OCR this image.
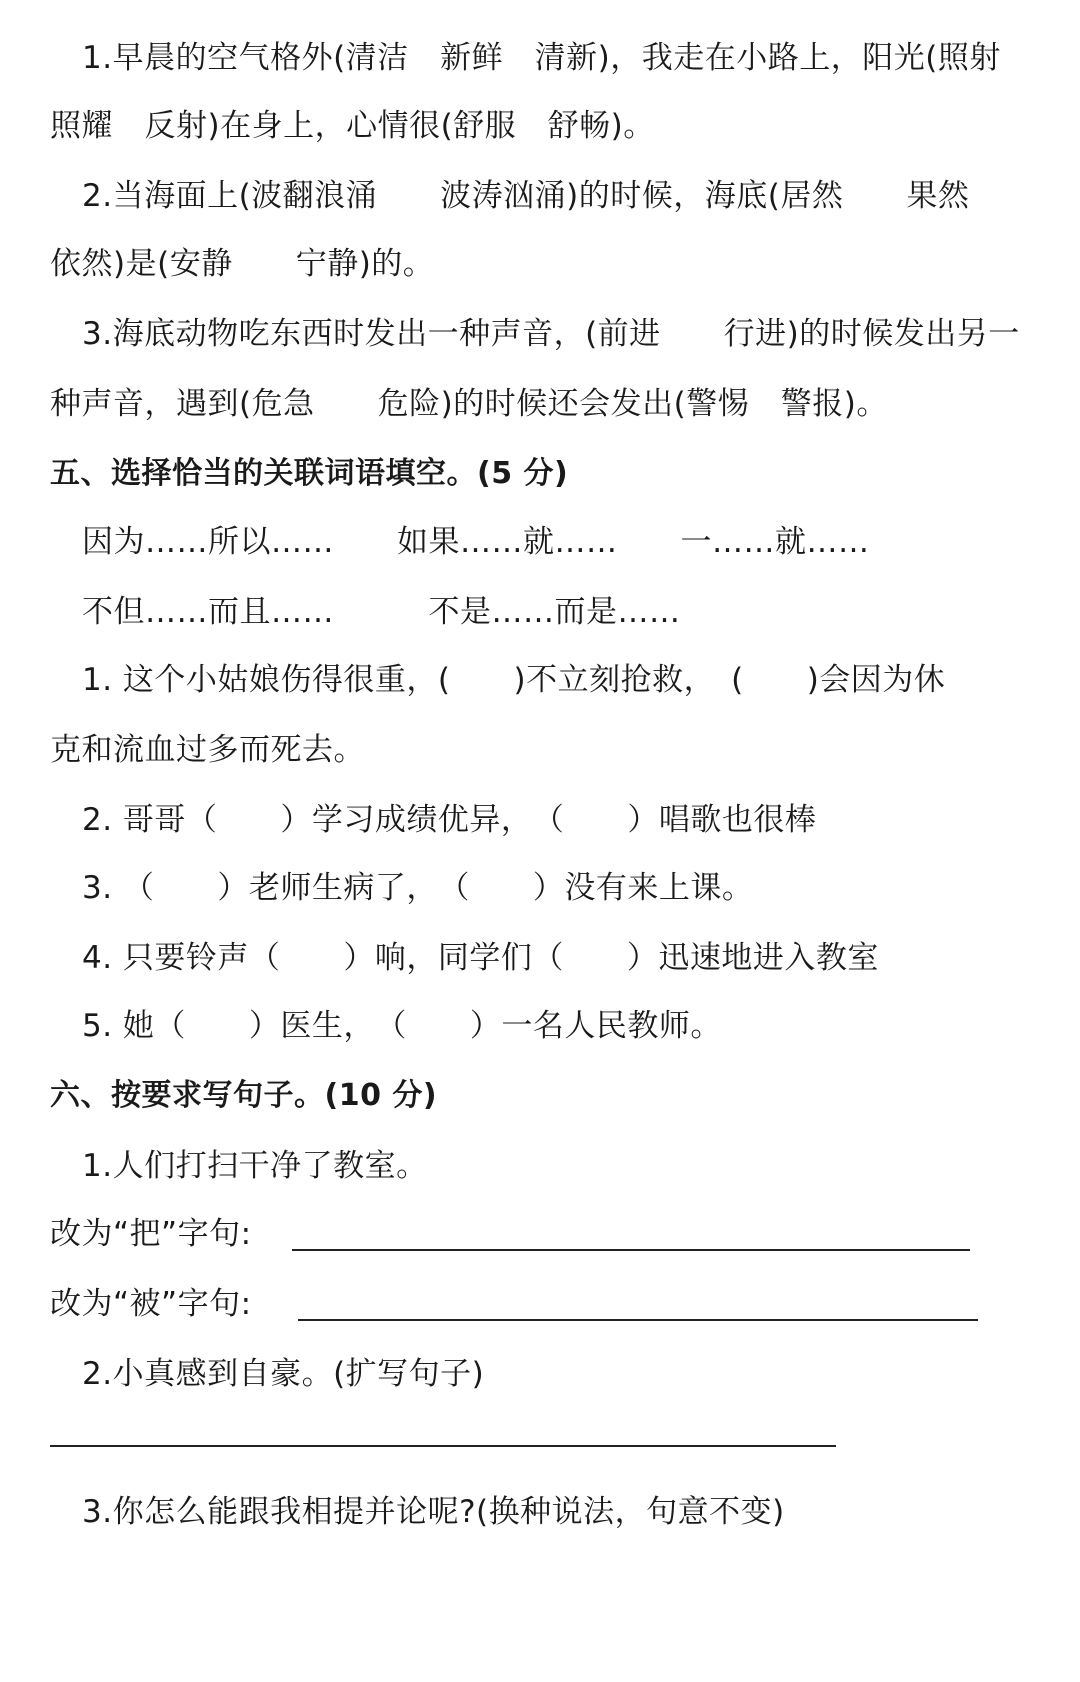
1.早晨的空气格外(清洁　新鲜　清新)，我走在小路上，阳光(照射
照耀　反射)在身上，心情很(舒服　舒畅)。
2.当海面上(波翻浪涌　　波涛汹涌)的时候，海底(居然　　果然
依然)是(安静　　宁静)的。
3.海底动物吃东西时发出一种声音，(前进　　行进)的时候发出另一
种声音，遇到(危急　　危险)的时候还会发出(警惕　警报)。
五、选择恰当的关联词语填空。(5 分)
因为……所以……　　如果……就……　　一……就……
不但……而且……　　　不是……而是……
1. 这个小姑娘伤得很重，(　　)不立刻抢救，　(　　)会因为休
克和流血过多而死去。
2. 哥哥（　　）学习成绩优异，　（　　）唱歌也很棒
3. （　　）老师生病了，　（　　）没有来上课。
4. 只要铃声（　　）响，同学们（　　）迅速地进入教室
5. 她（　　）医生，　（　　）一名人民教师。
六、按要求写句子。(10 分)
1.人们打扫干净了教室。
改为“把”字句:
改为“被”字句:
2.小真感到自豪。(扩写句子)
3.你怎么能跟我相提并论呢?(换种说法，句意不变)
